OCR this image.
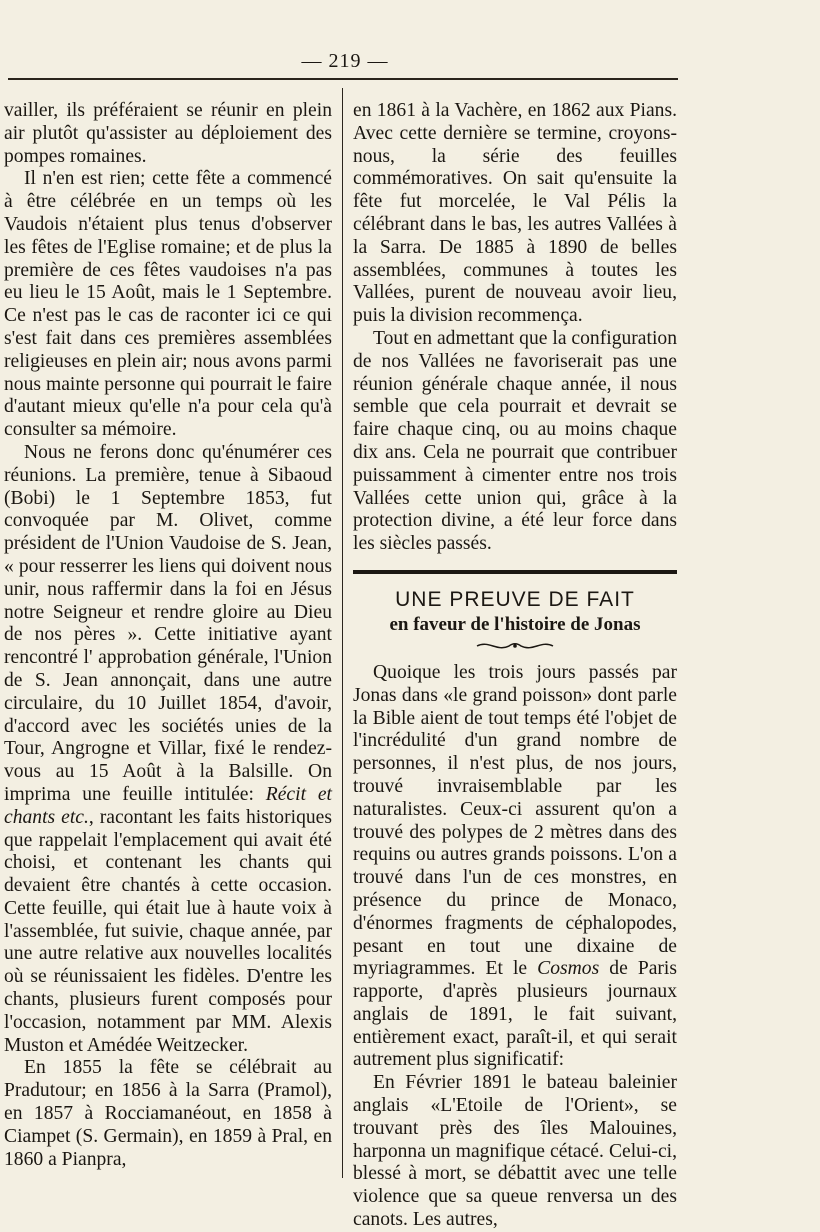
— 219 —

vailler, ils préféraient se réunir en plein air plutôt qu'assister au déploiement des pompes romaines.

Il n'en est rien; cette fête a commencé à être célébrée en un temps où les Vaudois n'étaient plus tenus d'observer les fêtes de l'Eglise romaine; et de plus la première de ces fêtes vaudoises n'a pas eu lieu le 15 Août, mais le 1 Septembre. Ce n'est pas le cas de raconter ici ce qui s'est fait dans ces premières assemblées religieuses en plein air; nous avons parmi nous mainte personne qui pourrait le faire d'autant mieux qu'elle n'a pour cela qu'à consulter sa mémoire.

Nous ne ferons donc qu'énumérer ces réunions. La première, tenue à Sibaoud (Bobi) le 1 Septembre 1853, fut convoquée par M. Olivet, comme président de l'Union Vaudoise de S. Jean, « pour resserrer les liens qui doivent nous unir, nous raffermir dans la foi en Jésus notre Seigneur et rendre gloire au Dieu de nos pères ». Cette initiative ayant rencontré l' approbation générale, l'Union de S. Jean annonçait, dans une autre circulaire, du 10 Juillet 1854, d'avoir, d'accord avec les sociétés unies de la Tour, Angrogne et Villar, fixé le rendez-vous au 15 Août à la Balsille. On imprima une feuille intitulée: Récit et chants etc., racontant les faits historiques que rappelait l'emplacement qui avait été choisi, et contenant les chants qui devaient être chantés à cette occasion. Cette feuille, qui était lue à haute voix à l'assemblée, fut suivie, chaque année, par une autre relative aux nouvelles localités où se réunissaient les fidèles. D'entre les chants, plusieurs furent composés pour l'occasion, notamment par MM. Alexis Muston et Amédée Weitzecker.

En 1855 la fête se célébrait au Pradutour; en 1856 à la Sarra (Pramol), en 1857 à Rocciamanéout, en 1858 à Ciampet (S. Germain), en 1859 à Pral, en 1860 a Pianpra,

en 1861 à la Vachère, en 1862 aux Pians. Avec cette dernière se termine, croyons-nous, la série des feuilles commémoratives. On sait qu'ensuite la fête fut morcelée, le Val Pélis la célébrant dans le bas, les autres Vallées à la Sarra. De 1885 à 1890 de belles assemblées, communes à toutes les Vallées, purent de nouveau avoir lieu, puis la division recommença.

Tout en admettant que la configuration de nos Vallées ne favoriserait pas une réunion générale chaque année, il nous semble que cela pourrait et devrait se faire chaque cinq, ou au moins chaque dix ans. Cela ne pourrait que contribuer puissamment à cimenter entre nos trois Vallées cette union qui, grâce à la protection divine, a été leur force dans les siècles passés.

UNE PREUVE DE FAIT
en faveur de l'histoire de Jonas

Quoique les trois jours passés par Jonas dans «le grand poisson» dont parle la Bible aient de tout temps été l'objet de l'incrédulité d'un grand nombre de personnes, il n'est plus, de nos jours, trouvé invraisemblable par les naturalistes. Ceux-ci assurent qu'on a trouvé des polypes de 2 mètres dans des requins ou autres grands poissons. L'on a trouvé dans l'un de ces monstres, en présence du prince de Monaco, d'énormes fragments de céphalopodes, pesant en tout une dixaine de myriagrammes. Et le Cosmos de Paris rapporte, d'après plusieurs journaux anglais de 1891, le fait suivant, entièrement exact, paraît-il, et qui serait autrement plus significatif:

En Février 1891 le bateau baleinier anglais «L'Etoile de l'Orient», se trouvant près des îles Malouines, harponna un magnifique cétacé. Celui-ci, blessé à mort, se débattit avec une telle violence que sa queue renversa un des canots. Les autres,
